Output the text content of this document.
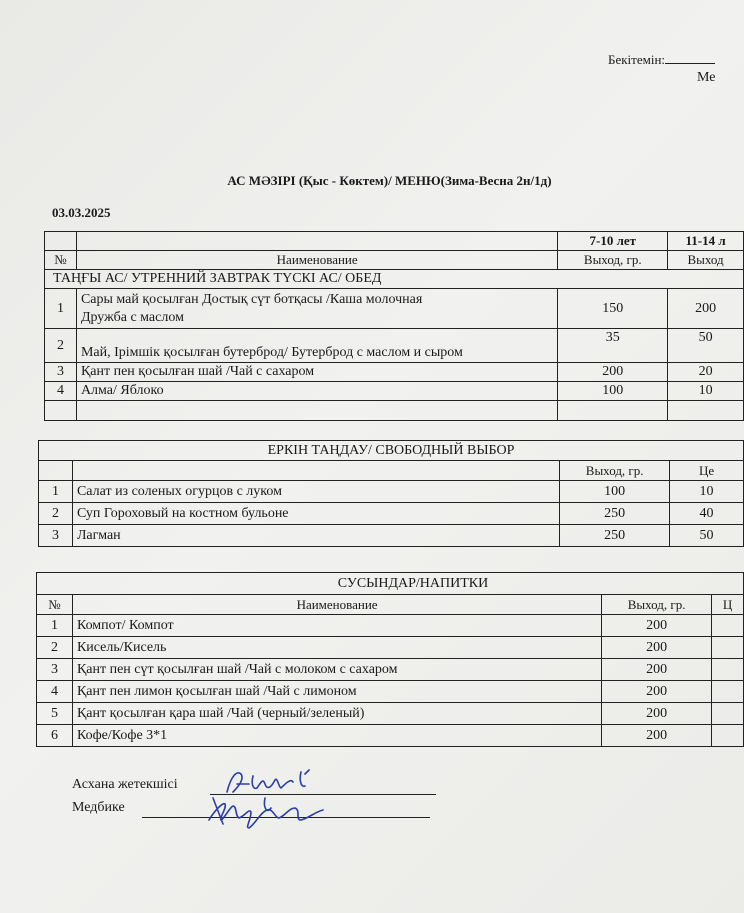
Бекітемін:
Ме
АС МӘЗІРІ (Қыс - Көктем)/ МЕНЮ(Зима-Весна 2н/1д)
03.03.2025
		7-10 лет	11-14 л
№	Наименование	Выход, гр.	Выход
ТАҢҒЫ АС/ УТРЕННИЙ ЗАВТРАК ТҮСКІ АС/ ОБЕД			
1	Сары май қосылған Достық сүт ботқасы /Каша молочная
Дружба с маслом	150	200
2	Май, Ірімшік қосылған бутерброд/ Бутерброд с маслом и сыром	35	50
3	Қант пен қосылған шай /Чай с сахаром	200	20
4	Алма/ Яблоко	100	10

ЕРКІН ТАҢДАУ/ СВОБОДНЫЙ ВЫБОР			
		Выход, гр.	Це
1	Салат из соленых огурцов с луком	100	10
2	Суп Гороховый на костном бульоне	250	40
3	Лагман	250	50
СУСЫНДАР/НАПИТКИ			
№	Наименование	Выход, гр.	Ц
1	Компот/ Компот	200	
2	Кисель/Кисель	200	
3	Қант пен сүт қосылған шай /Чай с молоком с сахаром	200	
4	Қант пен лимон қосылған шай /Чай с лимоном	200	
5	Қант қосылған қара шай /Чай (черный/зеленый)	200	
6	Кофе/Кофе 3*1	200	
Асхана жетекшісі
Медбике
